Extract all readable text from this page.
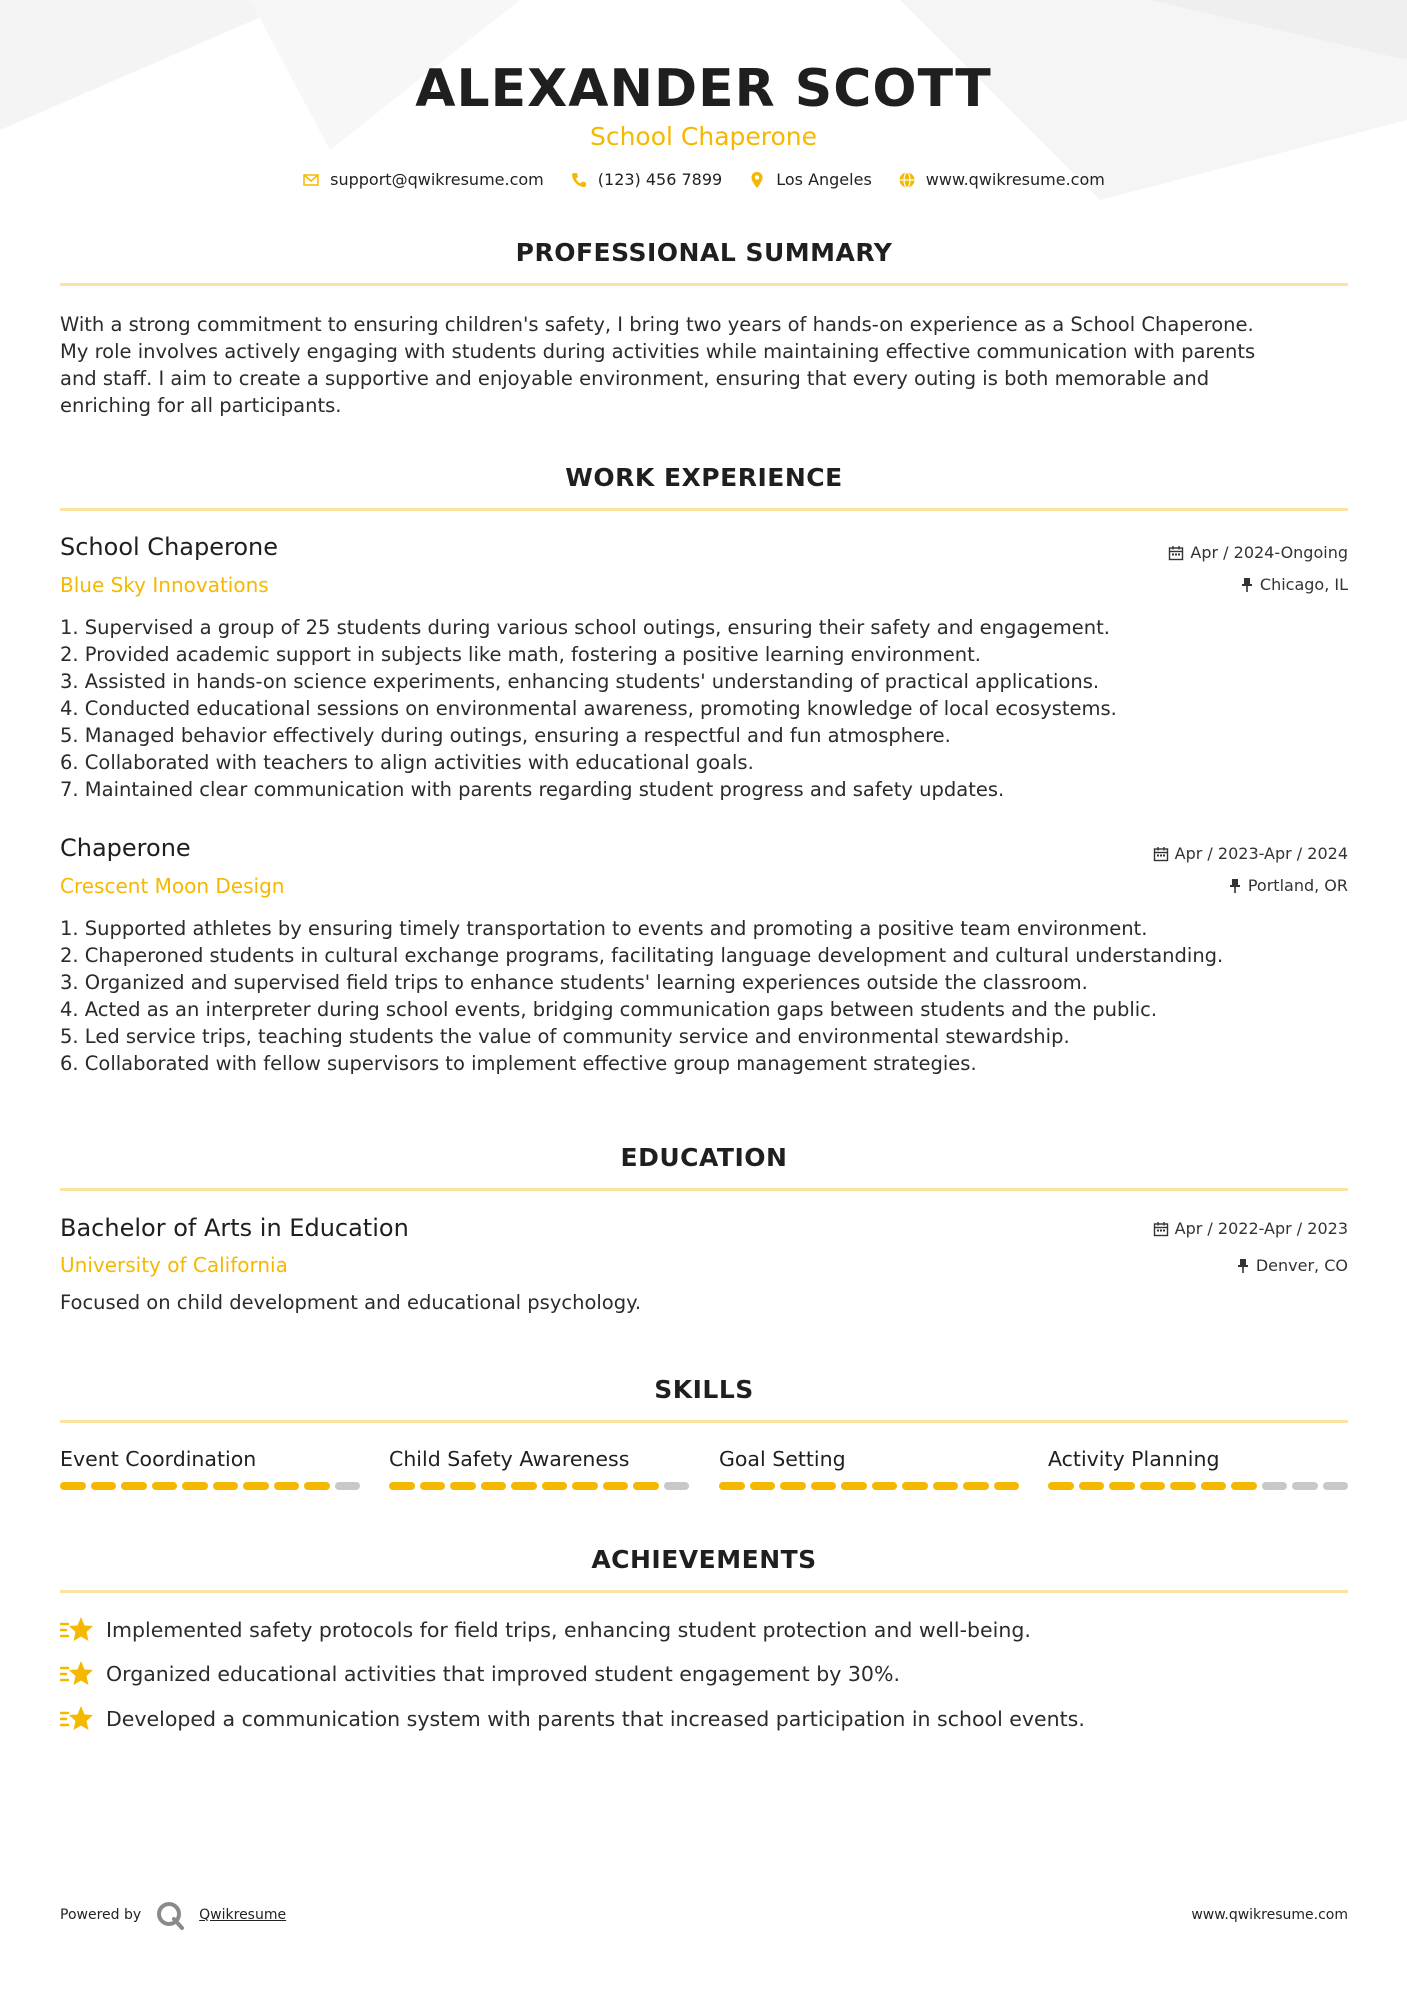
ALEXANDER SCOTT
School Chaperone
support@qwikresume.com	(123) 456 7899	Los Angeles	www.qwikresume.com
PROFESSIONAL SUMMARY
With a strong commitment to ensuring children's safety, I bring two years of hands-on experience as a School Chaperone.
My role involves actively engaging with students during activities while maintaining effective communication with parents
and staff. I aim to create a supportive and enjoyable environment, ensuring that every outing is both memorable and
enriching for all participants.
WORK EXPERIENCE
School Chaperone
Blue Sky Innovations
Apr / 2024-Ongoing
Chicago, IL
1. Supervised a group of 25 students during various school outings, ensuring their safety and engagement.
2. Provided academic support in subjects like math, fostering a positive learning environment.
3. Assisted in hands-on science experiments, enhancing students' understanding of practical applications.
4. Conducted educational sessions on environmental awareness, promoting knowledge of local ecosystems.
5. Managed behavior effectively during outings, ensuring a respectful and fun atmosphere.
6. Collaborated with teachers to align activities with educational goals.
7. Maintained clear communication with parents regarding student progress and safety updates.
Chaperone
Crescent Moon Design
Apr / 2023-Apr / 2024
Portland, OR
1. Supported athletes by ensuring timely transportation to events and promoting a positive team environment.
2. Chaperoned students in cultural exchange programs, facilitating language development and cultural understanding.
3. Organized and supervised field trips to enhance students' learning experiences outside the classroom.
4. Acted as an interpreter during school events, bridging communication gaps between students and the public.
5. Led service trips, teaching students the value of community service and environmental stewardship.
6. Collaborated with fellow supervisors to implement effective group management strategies.
EDUCATION
Bachelor of Arts in Education
University of California
Apr / 2022-Apr / 2023
Denver, CO
Focused on child development and educational psychology.
SKILLS
Event Coordination	Child Safety Awareness	Goal Setting	Activity Planning
ACHIEVEMENTS
Implemented safety protocols for field trips, enhancing student protection and well-being.
Organized educational activities that improved student engagement by 30%.
Developed a communication system with parents that increased participation in school events.
Powered by	Qwikresume	www.qwikresume.com
